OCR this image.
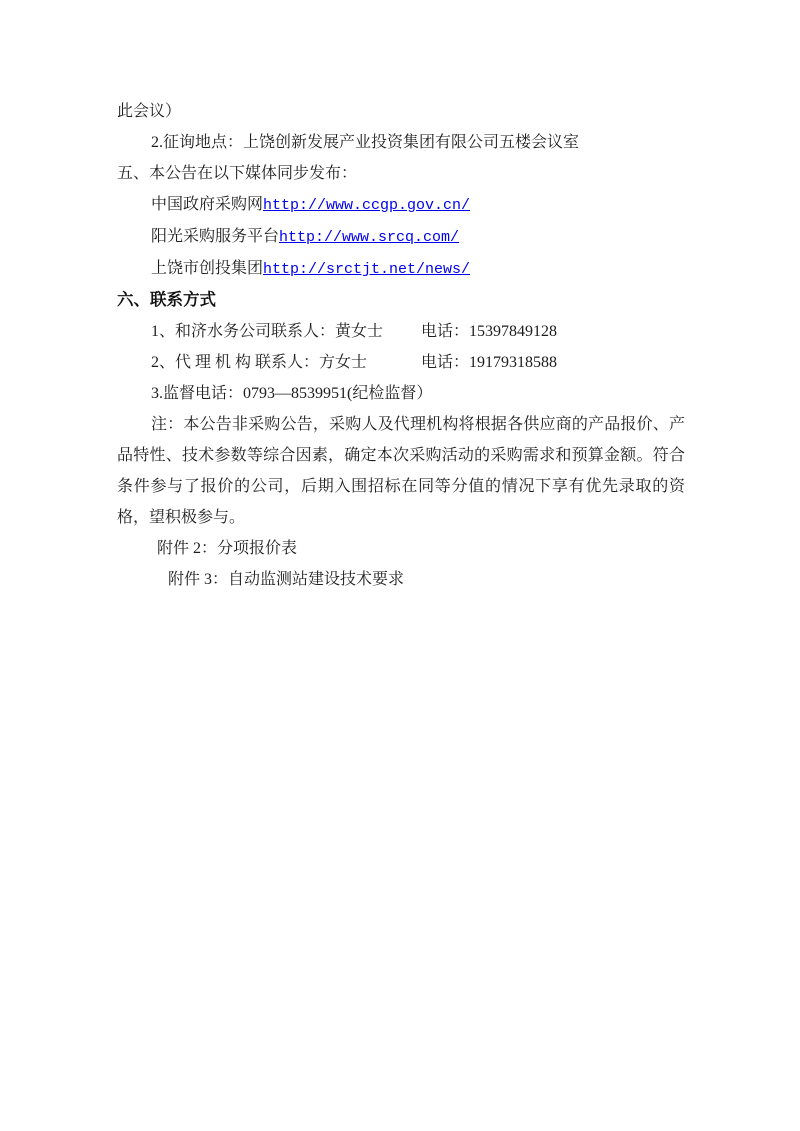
此会议）
2.征询地点：上饶创新发展产业投资集团有限公司五楼会议室
五、本公告在以下媒体同步发布：
中国政府采购网 http://www.ccgp.gov.cn/
阳光采购服务平台 http://www.srcq.com/
上饶市创投集团 http://srctjt.net/news/
六、联系方式
1、和济水务公司联系人：黄女士	电话：15397849128
2、代 理 机 构 联系人：方女士	电话：19179318588
3.监督电话：0793—8539951(纪检监督）

注：本公告非采购公告，采购人及代理机构将根据各供应商的产品报价、产品特性、技术参数等综合因素，确定本次采购活动的采购需求和预算金额。符合条件参与了报价的公司，后期入围招标在同等分值的情况下享有优先录取的资格，望积极参与。

附件 2：分项报价表
附件 3：自动监测站建设技术要求
